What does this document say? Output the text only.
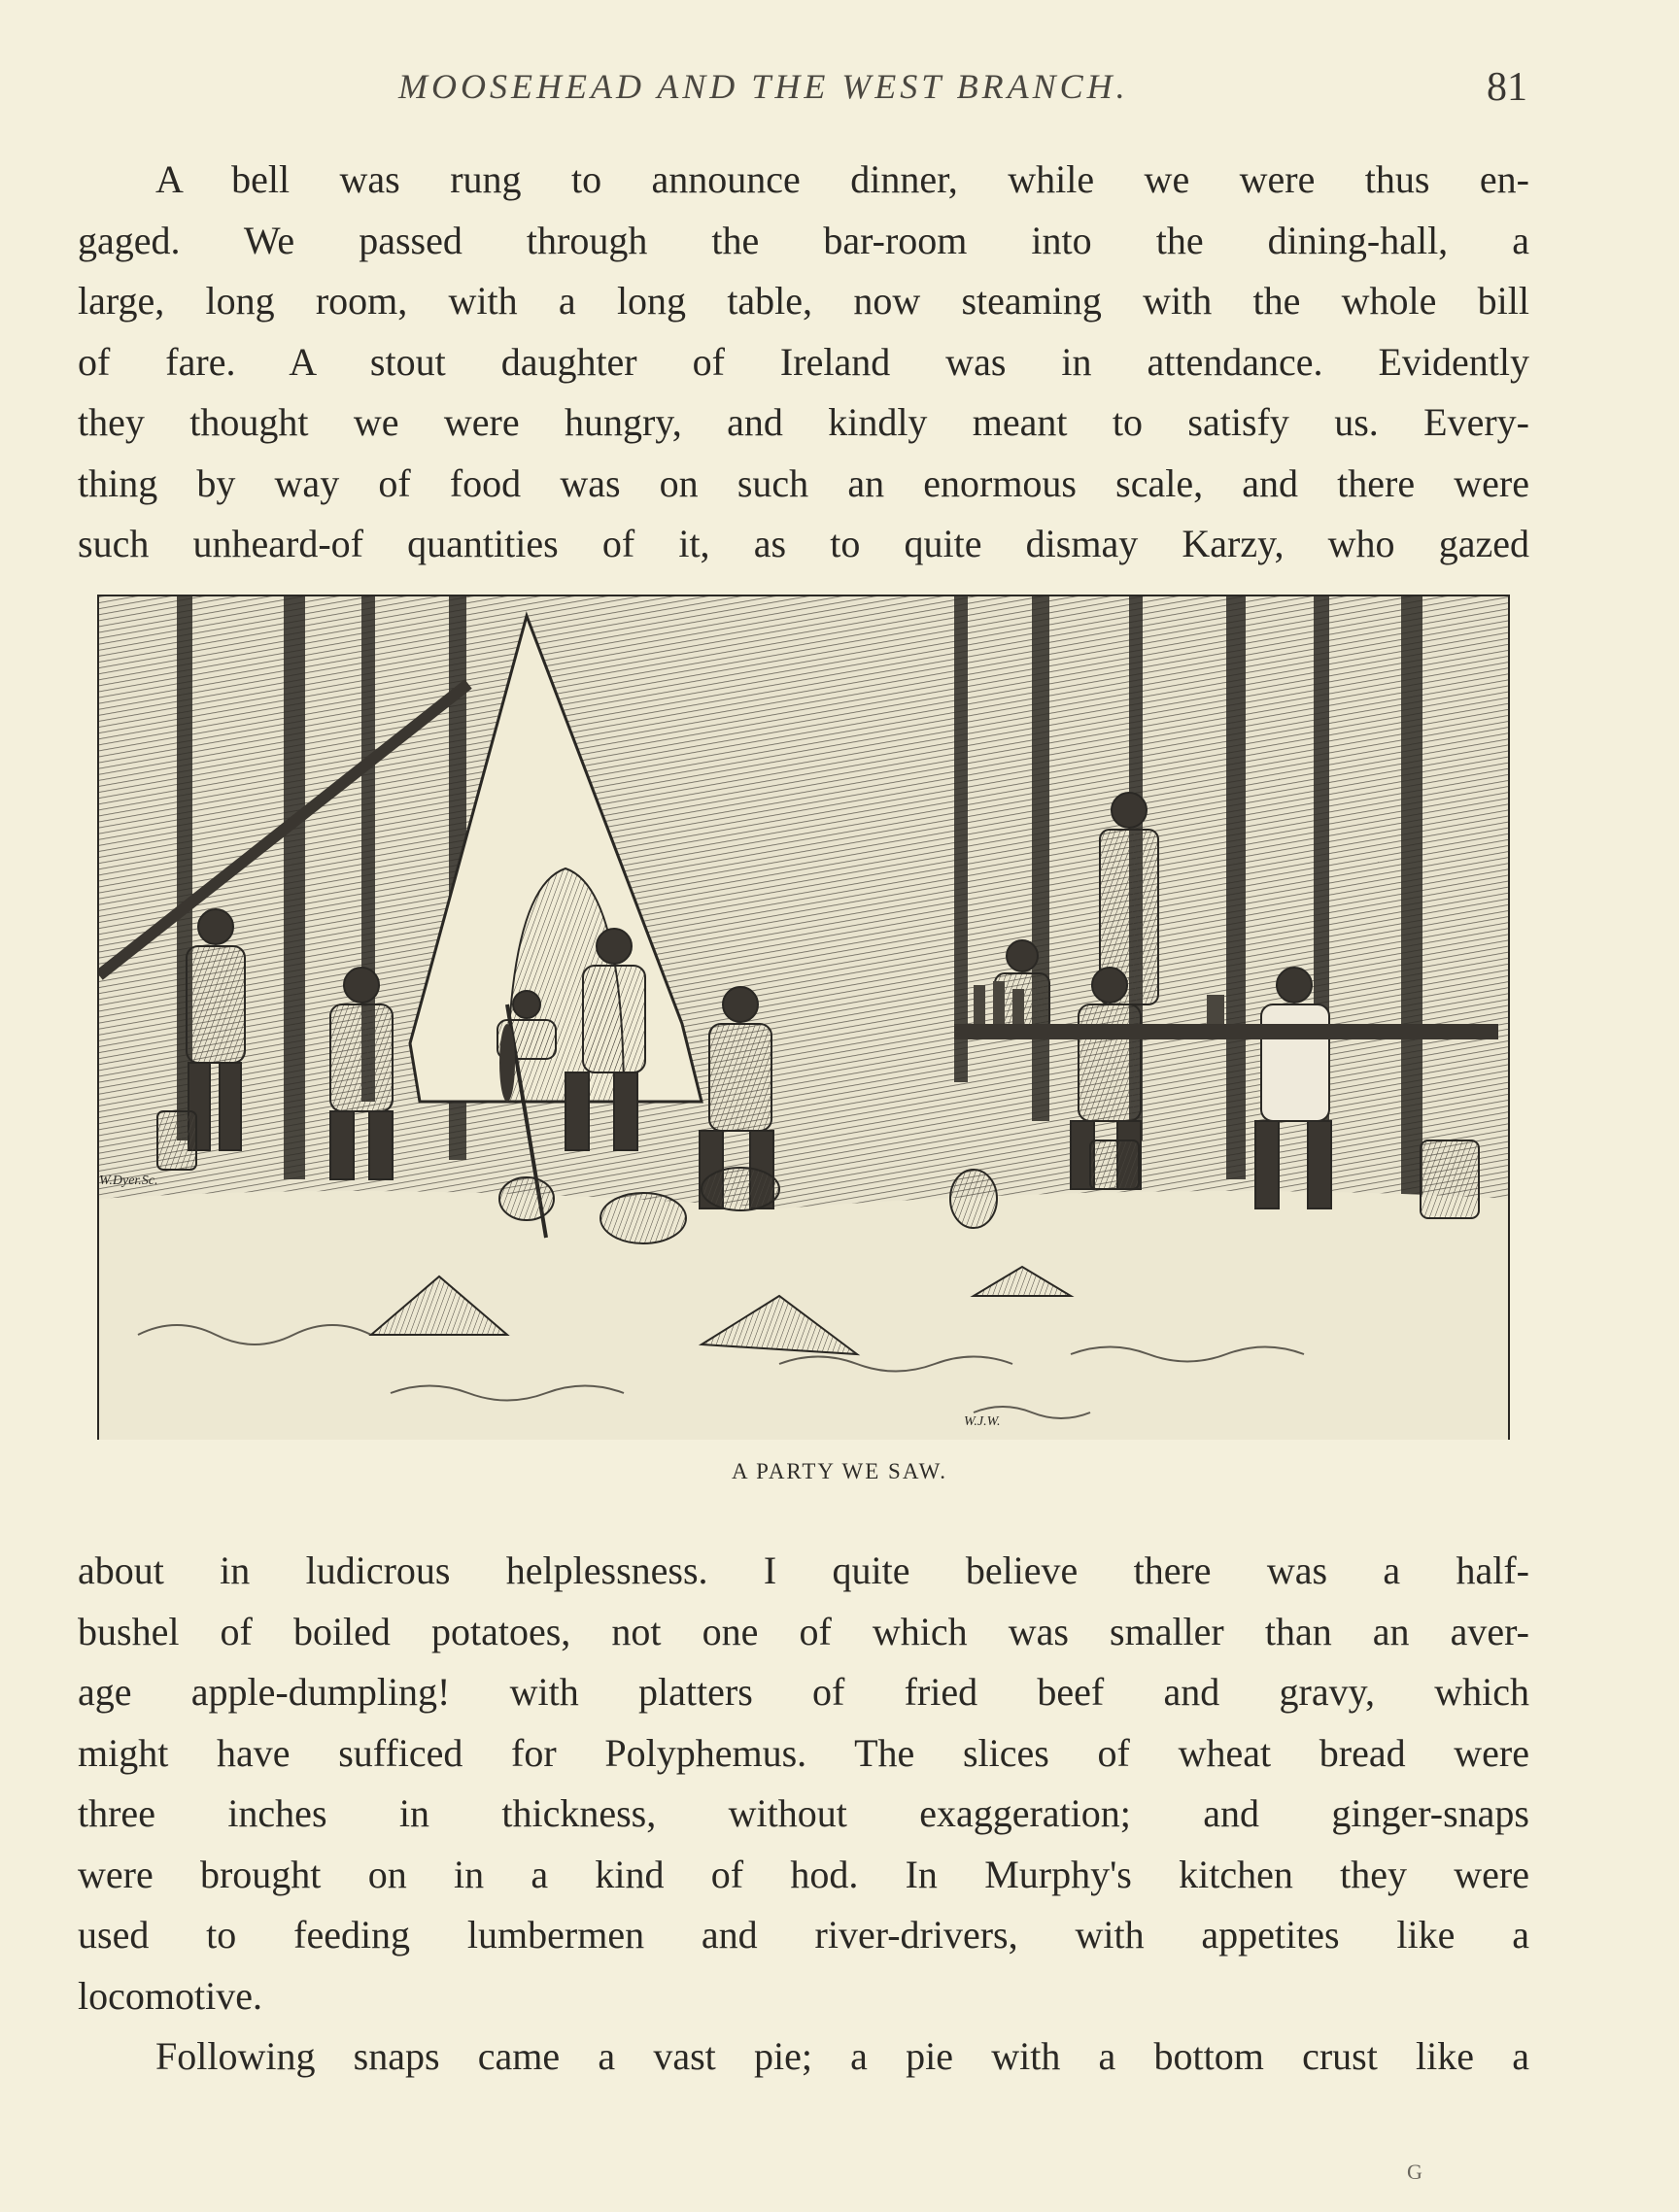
MOOSEHEAD AND THE WEST BRANCH.	81
A bell was rung to announce dinner, while we were thus en-
gaged. We passed through the bar-room into the dining-hall, a
large, long room, with a long table, now steaming with the whole bill
of fare. A stout daughter of Ireland was in attendance. Evidently
they thought we were hungry, and kindly meant to satisfy us. Every-
thing by way of food was on such an enormous scale, and there were
such unheard-of quantities of it, as to quite dismay Karzy, who gazed
W.Dyer.Sc.
W.J.W.
A PARTY WE SAW.
about in ludicrous helplessness. I quite believe there was a half-
bushel of boiled potatoes, not one of which was smaller than an aver-
age apple-dumpling! with platters of fried beef and gravy, which
might have sufficed for Polyphemus. The slices of wheat bread were
three inches in thickness, without exaggeration; and ginger-snaps
were brought on in a kind of hod. In Murphy's kitchen they were
used to feeding lumbermen and river-drivers, with appetites like a
locomotive.
Following snaps came a vast pie; a pie with a bottom crust like a
G
